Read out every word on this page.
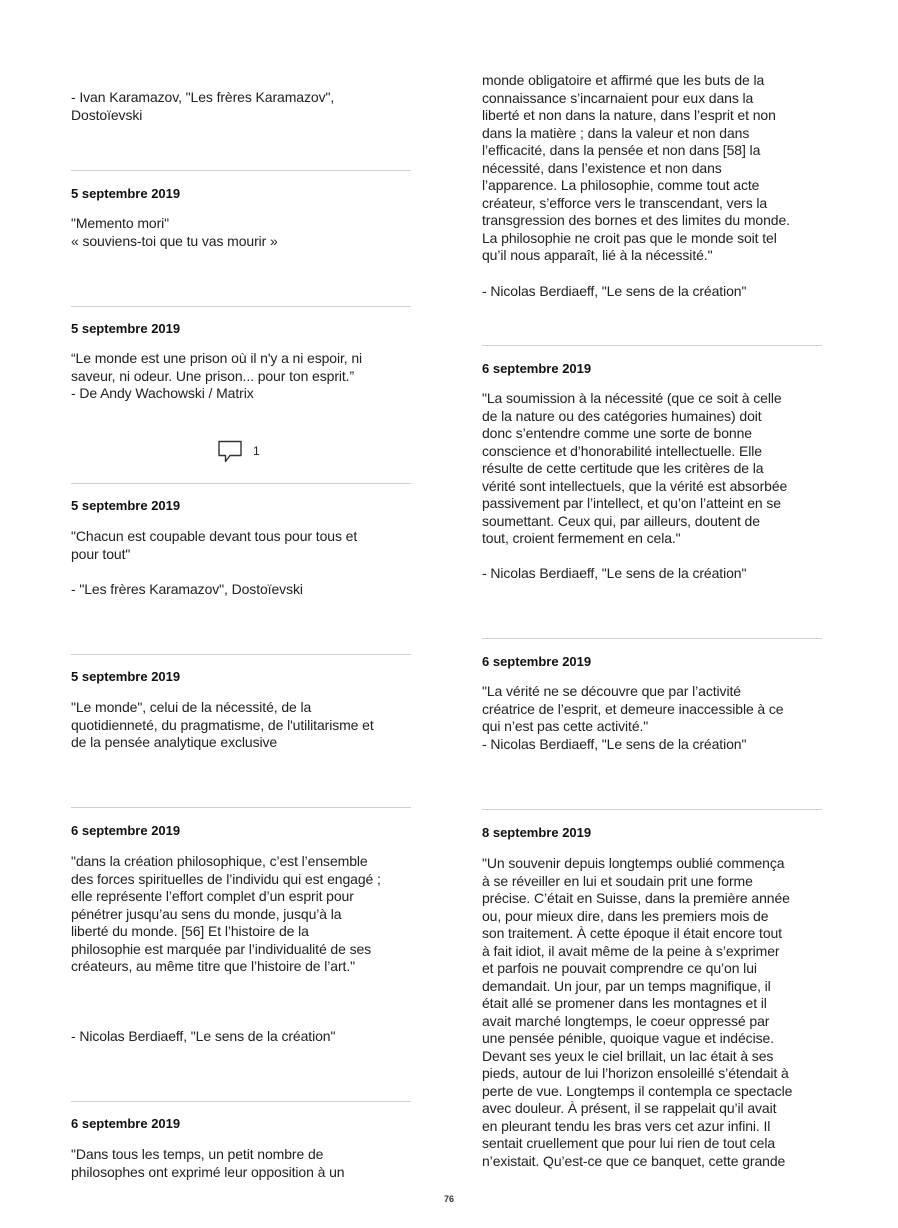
- Ivan Karamazov, "Les frères Karamazov",
Dostoïevski

5 septembre 2019

"Memento mori"
« souviens-toi que tu vas mourir »

5 septembre 2019

“Le monde est une prison où il n'y a ni espoir, ni
saveur, ni odeur. Une prison... pour ton esprit.”
- De Andy Wachowski / Matrix

1

5 septembre 2019

"Chacun est coupable devant tous pour tous et
pour tout"

- "Les frères Karamazov", Dostoïevski

5 septembre 2019

"Le monde", celui de la nécessité, de la
quotidienneté, du pragmatisme, de l'utilitarisme et
de la pensée analytique exclusive

6 septembre 2019

"dans la création philosophique, c’est l’ensemble
des forces spirituelles de l’individu qui est engagé ;
elle représente l’effort complet d’un esprit pour
pénétrer jusqu’au sens du monde, jusqu’à la
liberté du monde. [56] Et l’histoire de la
philosophie est marquée par l’individualité de ses
créateurs, au même titre que l’histoire de l’art."

- Nicolas Berdiaeff, "Le sens de la création"

6 septembre 2019

"Dans tous les temps, un petit nombre de
philosophes ont exprimé leur opposition à un

monde obligatoire et affirmé que les buts de la
connaissance s’incarnaient pour eux dans la
liberté et non dans la nature, dans l’esprit et non
dans la matière ; dans la valeur et non dans
l’efficacité, dans la pensée et non dans [58] la
nécessité, dans l’existence et non dans
l’apparence. La philosophie, comme tout acte
créateur, s’efforce vers le transcendant, vers la
transgression des bornes et des limites du monde.
La philosophie ne croit pas que le monde soit tel
qu’il nous apparaît, lié à la nécessité."

- Nicolas Berdiaeff, "Le sens de la création"

6 septembre 2019

"La soumission à la nécessité (que ce soit à celle
de la nature ou des catégories humaines) doit
donc s’entendre comme une sorte de bonne
conscience et d’honorabilité intellectuelle. Elle
résulte de cette certitude que les critères de la
vérité sont intellectuels, que la vérité est absorbée
passivement par l’intellect, et qu’on l’atteint en se
soumettant. Ceux qui, par ailleurs, doutent de
tout, croient fermement en cela."

- Nicolas Berdiaeff, "Le sens de la création"

6 septembre 2019

"La vérité ne se découvre que par l’activité
créatrice de l’esprit, et demeure inaccessible à ce
qui n’est pas cette activité."
- Nicolas Berdiaeff, "Le sens de la création"

8 septembre 2019

"Un souvenir depuis longtemps oublié commença
à se réveiller en lui et soudain prit une forme
précise. C’était en Suisse, dans la première année
ou, pour mieux dire, dans les premiers mois de
son traitement. À cette époque il était encore tout
à fait idiot, il avait même de la peine à s’exprimer
et parfois ne pouvait comprendre ce qu’on lui
demandait. Un jour, par un temps magnifique, il
était allé se promener dans les montagnes et il
avait marché longtemps, le coeur oppressé par
une pensée pénible, quoique vague et indécise.
Devant ses yeux le ciel brillait, un lac était à ses
pieds, autour de lui l’horizon ensoleillé s’étendait à
perte de vue. Longtemps il contempla ce spectacle
avec douleur. À présent, il se rappelait qu’il avait
en pleurant tendu les bras vers cet azur infini. Il
sentait cruellement que pour lui rien de tout cela
n’existait. Qu’est-ce que ce banquet, cette grande

76
